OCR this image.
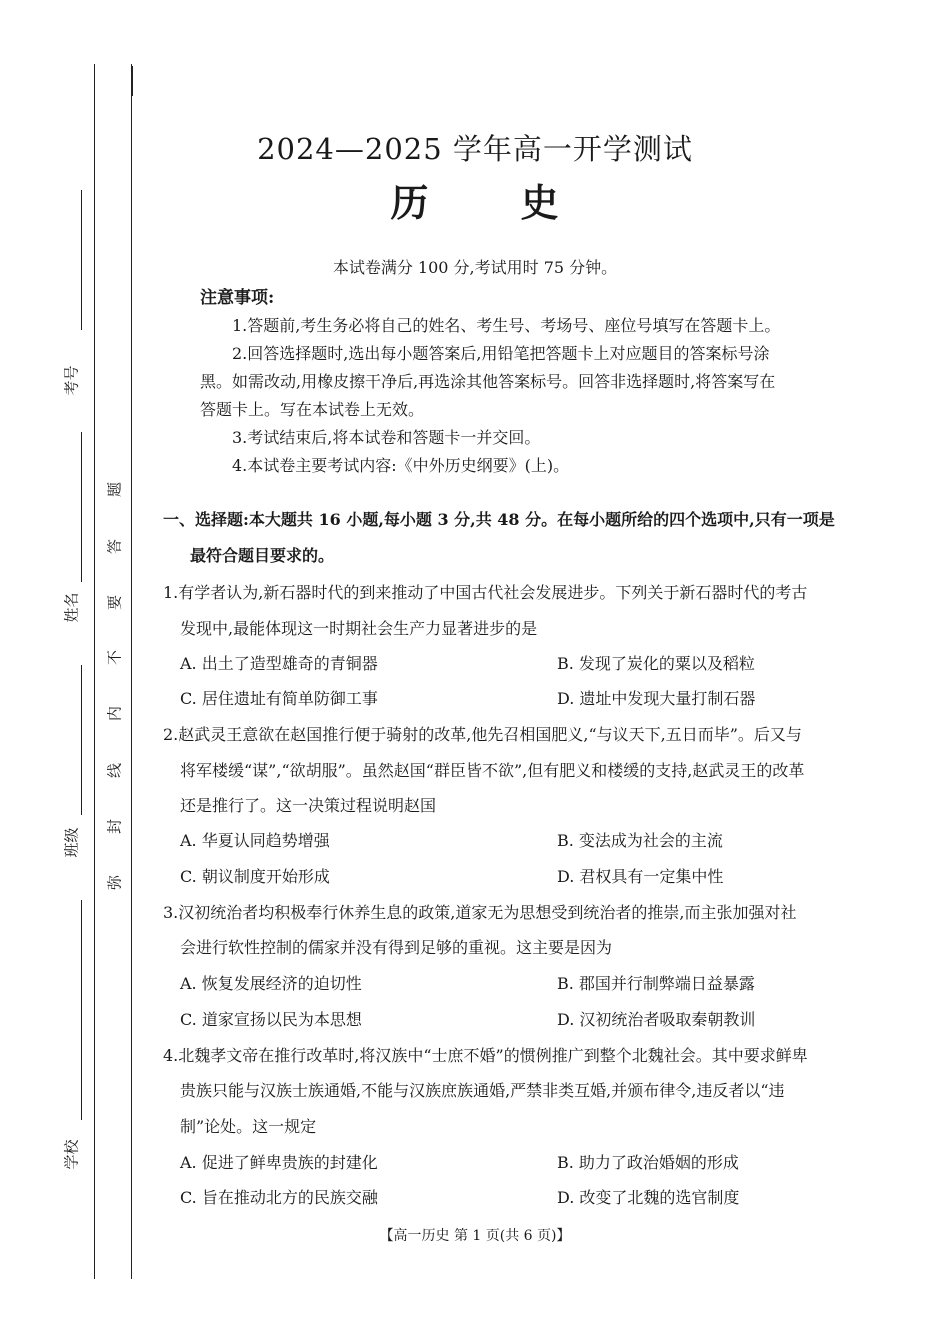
考号
姓名
班级
学校
弥
封
线
内
不
要
答
题
2024—2025 学年高一开学测试
历 史
本试卷满分 100 分,考试用时 75 分钟。
注意事项:
1.答题前,考生务必将自己的姓名、考生号、考场号、座位号填写在答题卡上。
2.回答选择题时,选出每小题答案后,用铅笔把答题卡上对应题目的答案标号涂
黑。如需改动,用橡皮擦干净后,再选涂其他答案标号。回答非选择题时,将答案写在
答题卡上。写在本试卷上无效。
3.考试结束后,将本试卷和答题卡一并交回。
4.本试卷主要考试内容:《中外历史纲要》(上)。
一、选择题:本大题共 16 小题,每小题 3 分,共 48 分。在每小题所给的四个选项中,只有一项是
最符合题目要求的。
1.有学者认为,新石器时代的到来推动了中国古代社会发展进步。下列关于新石器时代的考古
发现中,最能体现这一时期社会生产力显著进步的是
A. 出土了造型雄奇的青铜器	B. 发现了炭化的粟以及稻粒
C. 居住遗址有简单防御工事	D. 遗址中发现大量打制石器
2.赵武灵王意欲在赵国推行便于骑射的改革,他先召相国肥义,“与议天下,五日而毕”。后又与
将军楼缓“谋”,“欲胡服”。虽然赵国“群臣皆不欲”,但有肥义和楼缓的支持,赵武灵王的改革
还是推行了。这一决策过程说明赵国
A. 华夏认同趋势增强	B. 变法成为社会的主流
C. 朝议制度开始形成	D. 君权具有一定集中性
3.汉初统治者均积极奉行休养生息的政策,道家无为思想受到统治者的推崇,而主张加强对社
会进行软性控制的儒家并没有得到足够的重视。这主要是因为
A. 恢复发展经济的迫切性	B. 郡国并行制弊端日益暴露
C. 道家宣扬以民为本思想	D. 汉初统治者吸取秦朝教训
4.北魏孝文帝在推行改革时,将汉族中“士庶不婚”的惯例推广到整个北魏社会。其中要求鲜卑
贵族只能与汉族士族通婚,不能与汉族庶族通婚,严禁非类互婚,并颁布律令,违反者以“违
制”论处。这一规定
A. 促进了鲜卑贵族的封建化	B. 助力了政治婚姻的形成
C. 旨在推动北方的民族交融	D. 改变了北魏的选官制度
【高一历史 第 1 页(共 6 页)】
